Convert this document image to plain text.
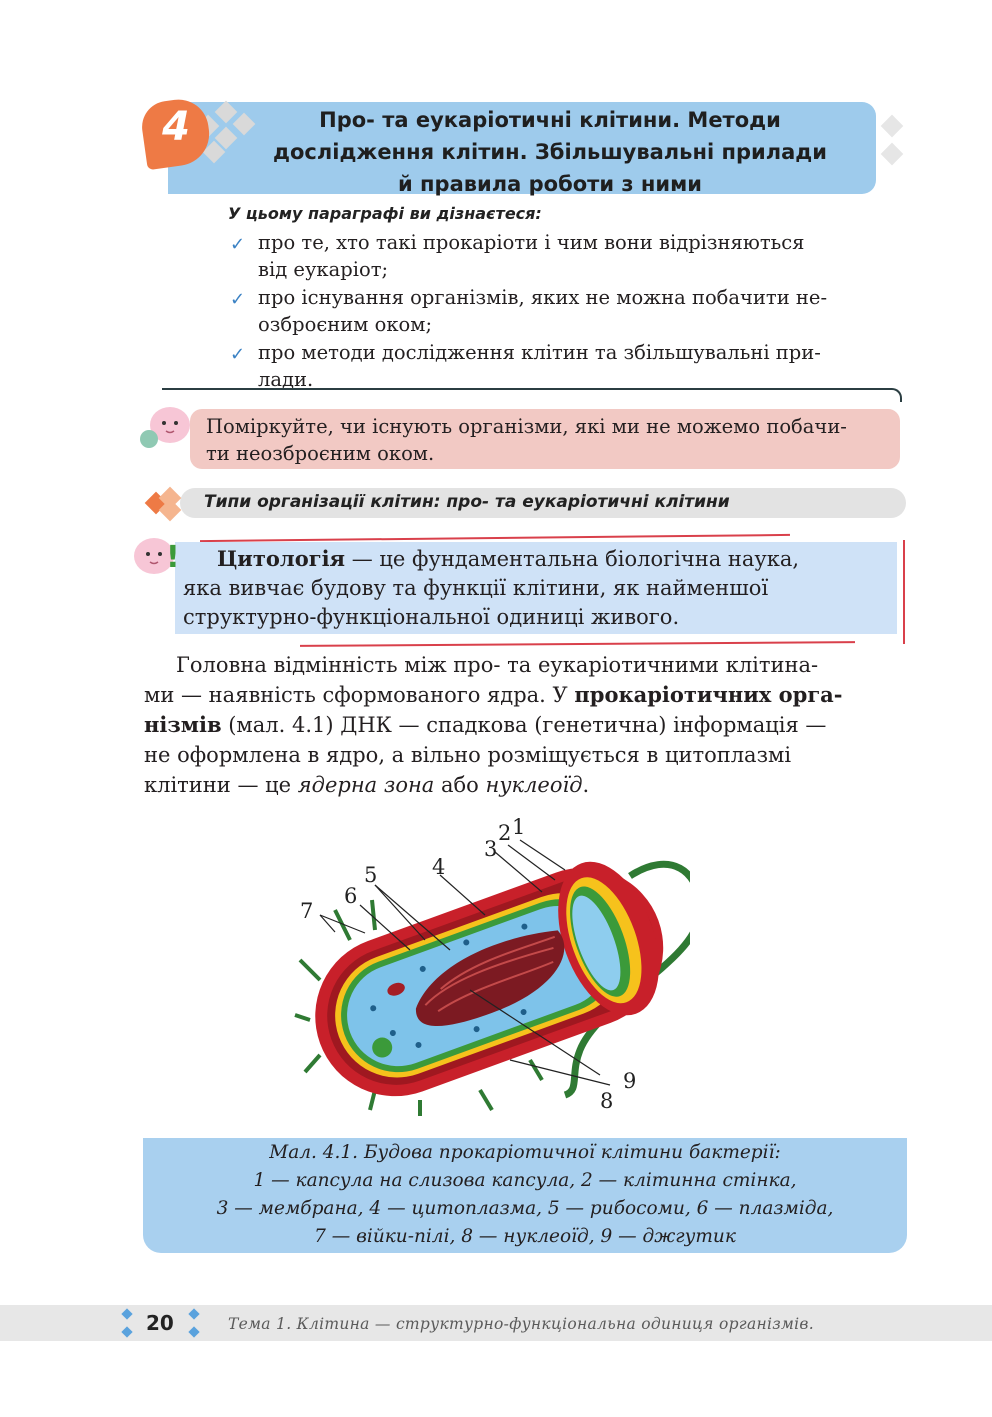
4	Про- та еукаріотичні клітини. Методи
дослідження клітин. Збільшувальні прилади
й правила роботи з ними
У цьому параграфі ви дізнаєтеся:
✓ про те, хто такі прокаріоти і чим вони відрізняються
від еукаріот;
✓ про існування організмів, яких не можна побачити не-
озброєним оком;
✓ про методи дослідження клітин та збільшувальні при-
лади.
Поміркуйте, чи існують організми, які ми не можемо побачи-
ти неозброєним оком.
Типи організації клітин: про- та еукаріотичні клітини
!	Цитологія — це фундаментальна біологічна наука,
яка вивчає будову та функції клітини, як найменшої
структурно-функціональної одиниці живого.
Головна відмінність між про- та еукаріотичними клітина-
ми — наявність сформованого ядра. У прокаріотичних орга-
нізмів (мал. 4.1) ДНК — спадкова (генетична) інформація —
не оформлена в ядро, а вільно розміщується в цитоплазмі
клітини — це ядерна зона або нуклеоїд.
1
2
3
4
5
6
7
8
9
Мал. 4.1. Будова прокаріотичної клітини бактерії:
1 — капсула на слизова капсула, 2 — клітинна стінка,
3 — мембрана, 4 — цитоплазма, 5 — рибосоми, 6 — плазміда,
7 — війки-пілі, 8 — нуклеоїд, 9 — джгутик
20	Тема 1. Клітина — структурно-функціональна одиниця організмів.
